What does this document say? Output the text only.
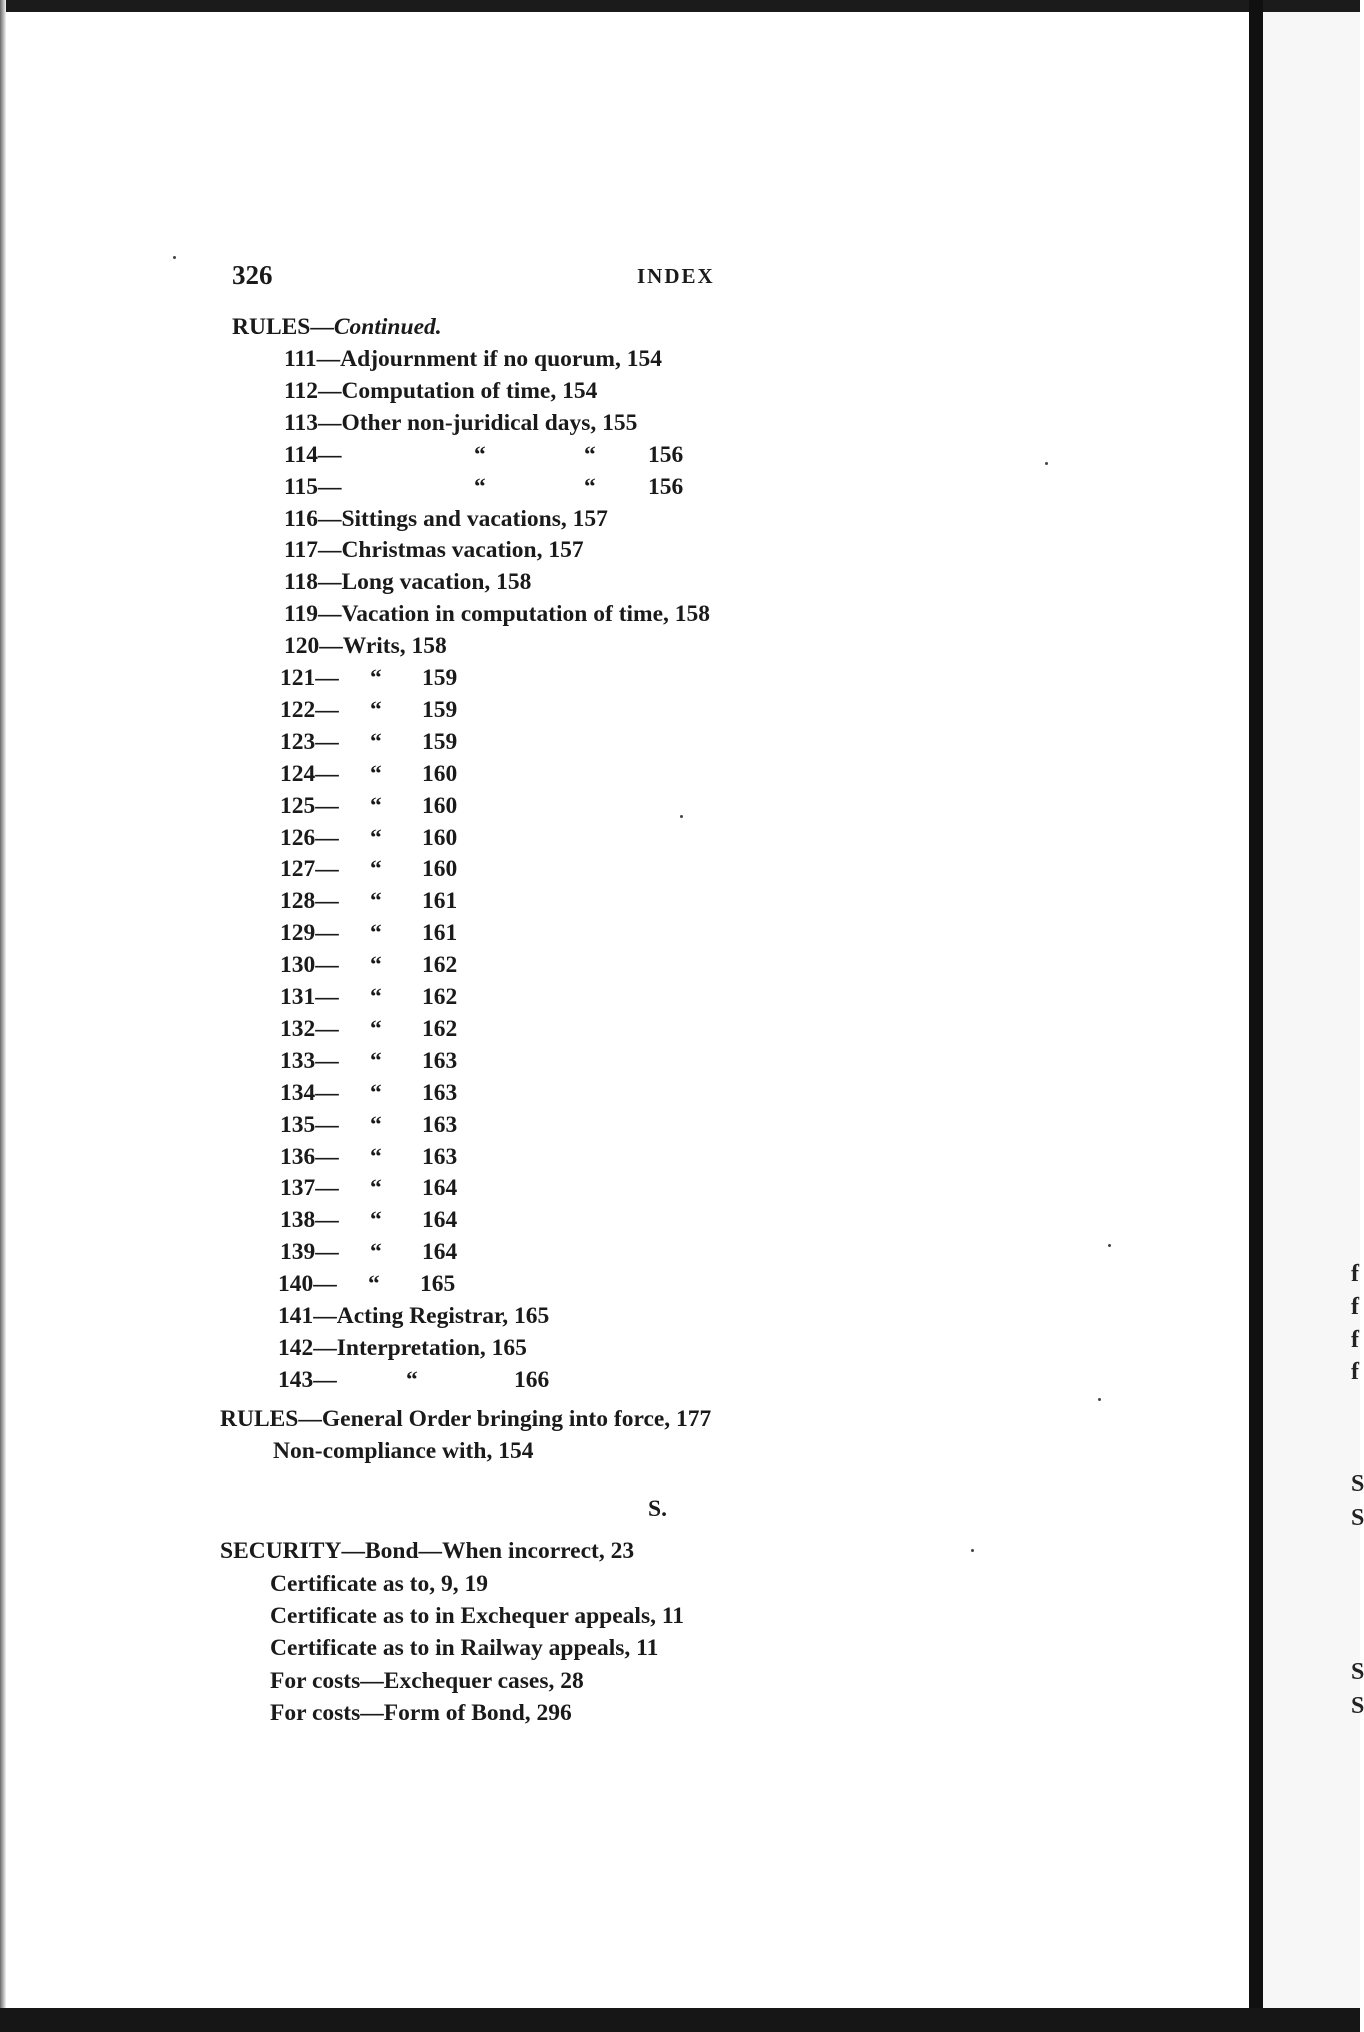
326	INDEX
RULES—Continued.
111—Adjournment if no quorum, 154
112—Computation of time, 154
113—Other non-juridical days, 155
114—	“	“ 156
115—	“	“ 156
116—Sittings and vacations, 157
117—Christmas vacation, 157
118—Long vacation, 158
119—Vacation in computation of time, 158
120—Writs, 158
121— “ 159
122— “ 159
123— “ 159
124— “ 160
125— “ 160
126— “ 160
127— “ 160
128— “ 161
129— “ 161
130— “ 162
131— “ 162
132— “ 162
133— “ 163
134— “ 163
135— “ 163
136— “ 163
137— “ 164
138— “ 164
139— “ 164
140— “ 165
141—Acting Registrar, 165
142—Interpretation, 165
143—	“	166
RULES—General Order bringing into force, 177
Non-compliance with, 154
S.
SECURITY—Bond—When incorrect, 23
Certificate as to, 9, 19
Certificate as to in Exchequer appeals, 11
Certificate as to in Railway appeals, 11
For costs—Exchequer cases, 28
For costs—Form of Bond, 296
f
f
f
f
S
S
S
S
